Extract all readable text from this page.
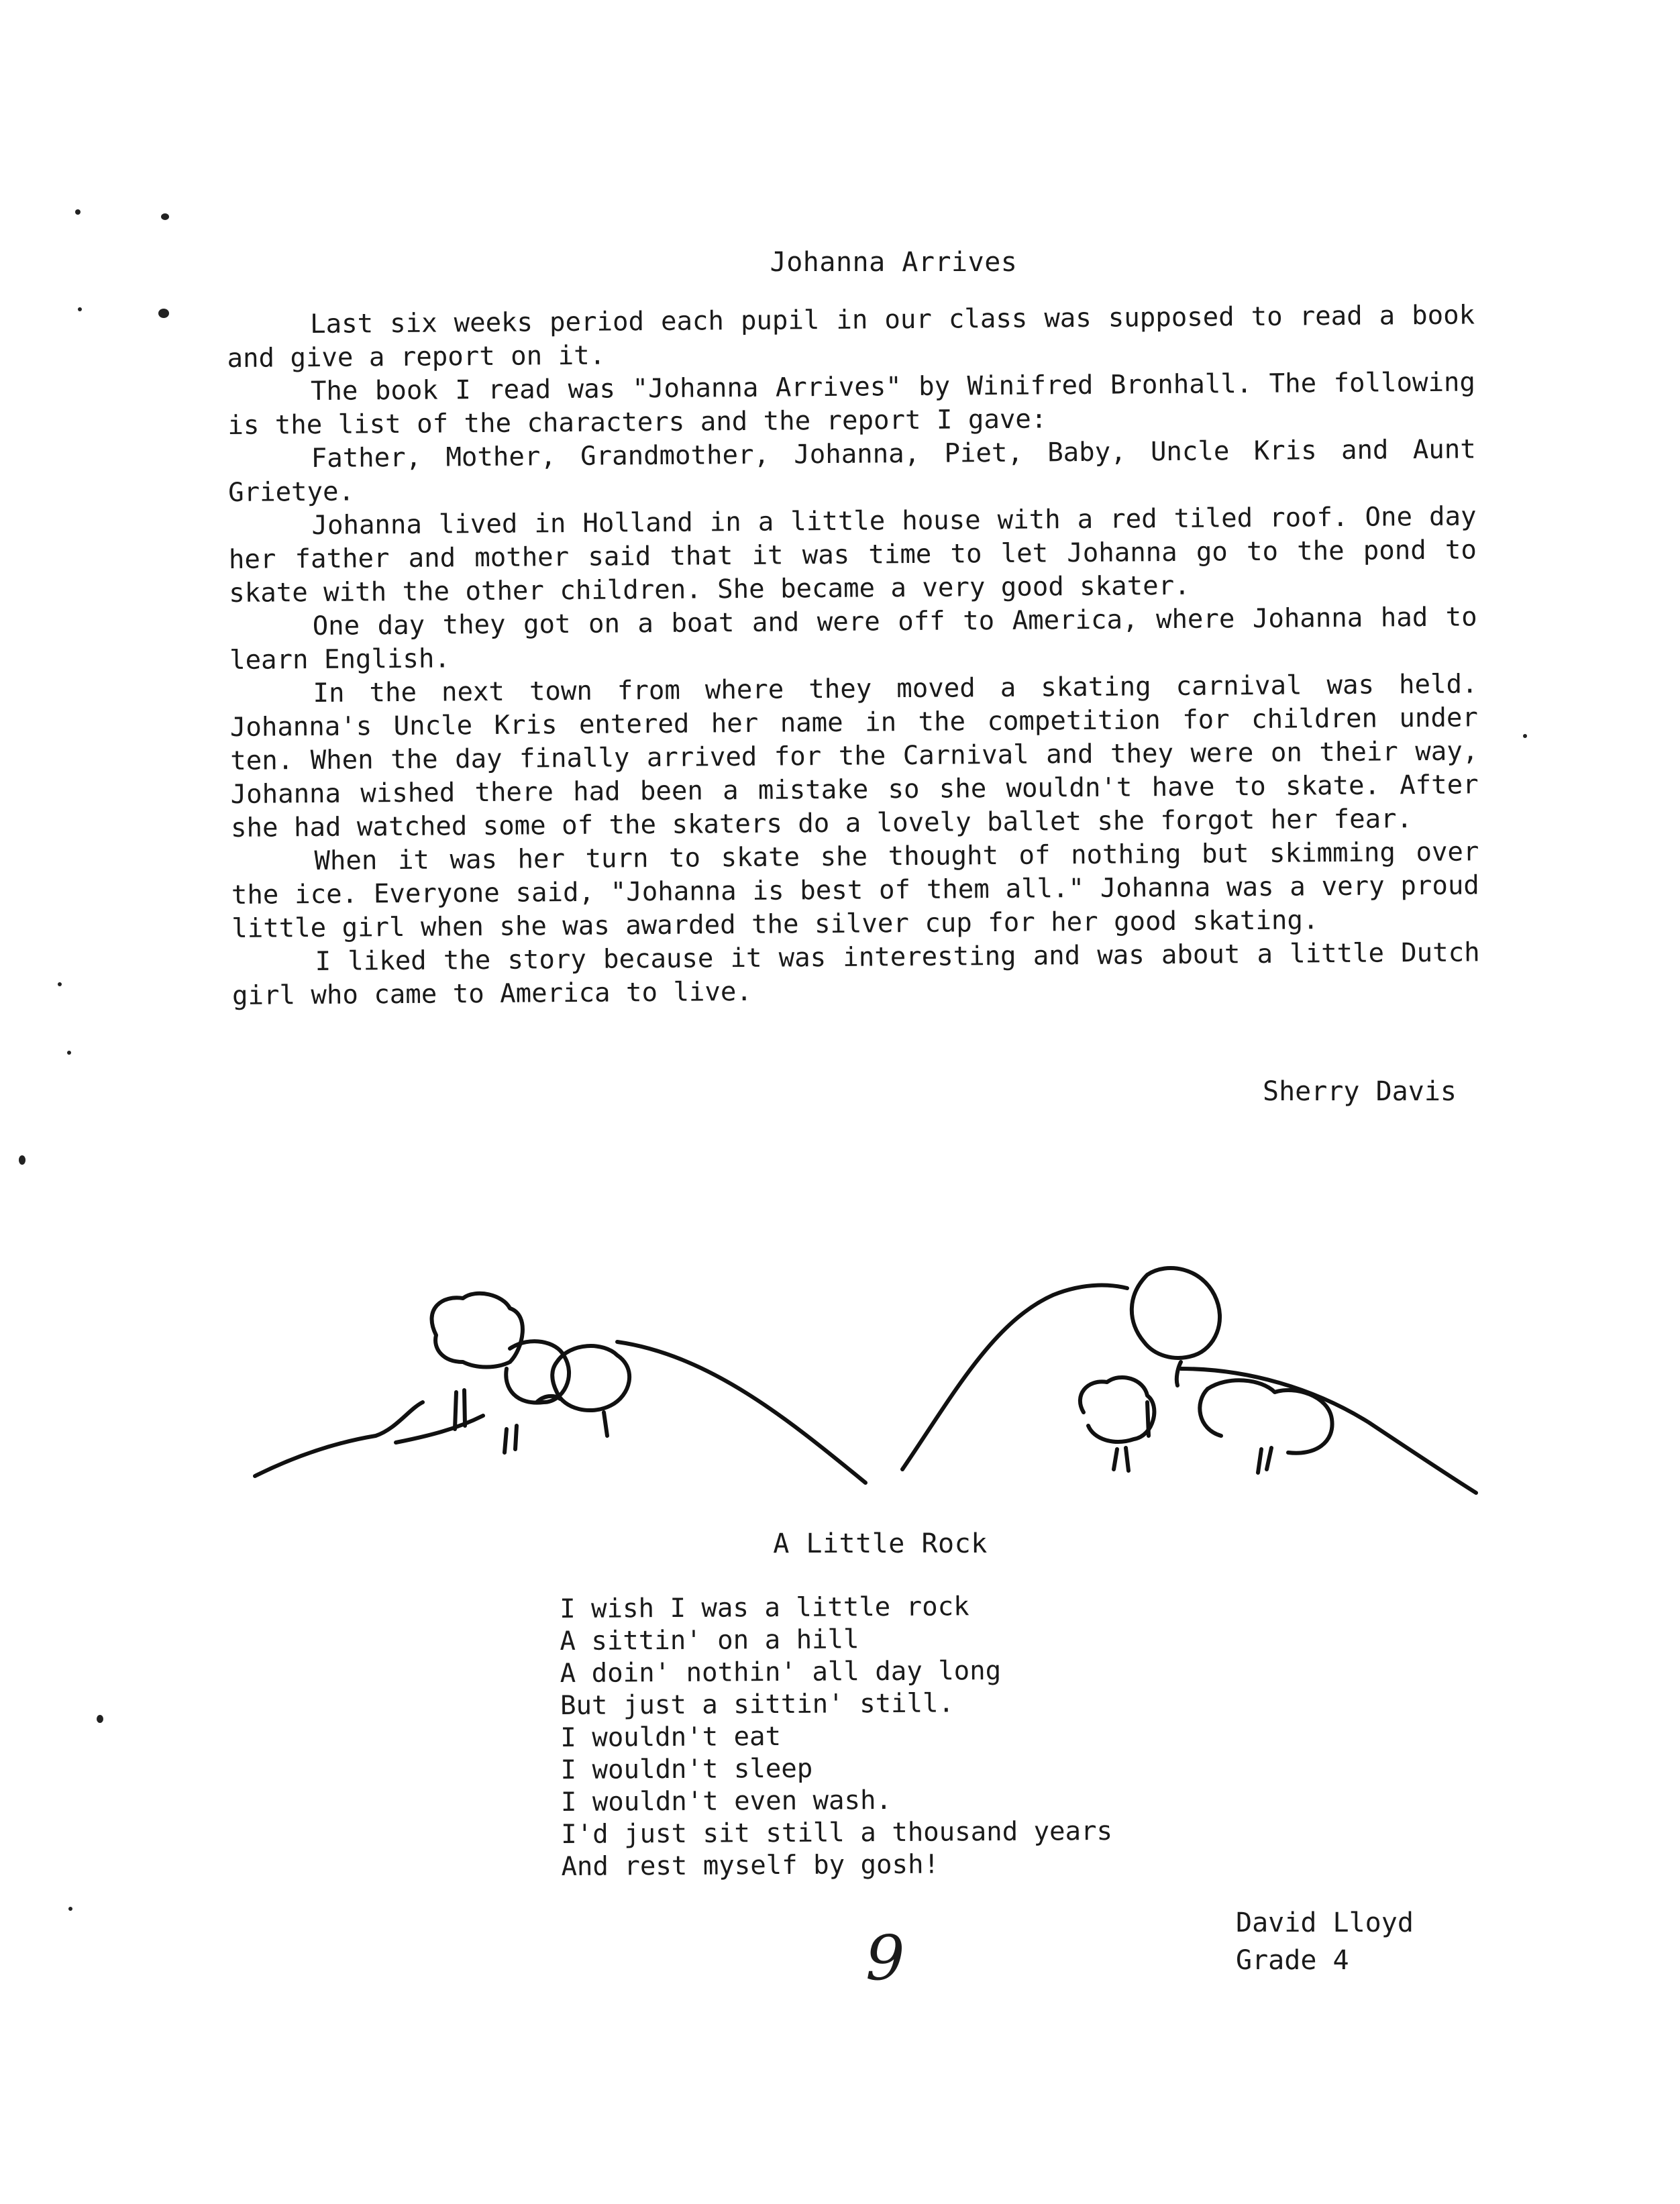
Johanna Arrives

Last six weeks period each pupil in our class was supposed to read a book and give a report on it.

The book I read was "Johanna Arrives" by Winifred Bronhall. The following is the list of the characters and the report I gave:

Father, Mother, Grandmother, Johanna, Piet, Baby, Uncle Kris and Aunt Grietye.

Johanna lived in Holland in a little house with a red tiled roof. One day her father and mother said that it was time to let Johanna go to the pond to skate with the other children. She became a very good skater.

One day they got on a boat and were off to America, where Johanna had to learn English.

In the next town from where they moved a skating carnival was held. Johanna's Uncle Kris entered her name in the competition for children under ten. When the day finally arrived for the Carnival and they were on their way, Johanna wished there had been a mistake so she wouldn't have to skate. After she had watched some of the skaters do a lovely ballet she forgot her fear.

When it was her turn to skate she thought of nothing but skimming over the ice. Everyone said, "Johanna is best of them all." Johanna was a very proud little girl when she was awarded the silver cup for her good skating.

I liked the story because it was interesting and was about a little Dutch girl who came to America to live.

Sherry Davis
A Little Rock
I wish I was a little rock
A sittin' on a hill
A doin' nothin' all day long
But just a sittin' still.
I wouldn't eat
I wouldn't sleep
I wouldn't even wash.
I'd just sit still a thousand years
And rest myself by gosh!
David Lloyd
Grade 4
9
